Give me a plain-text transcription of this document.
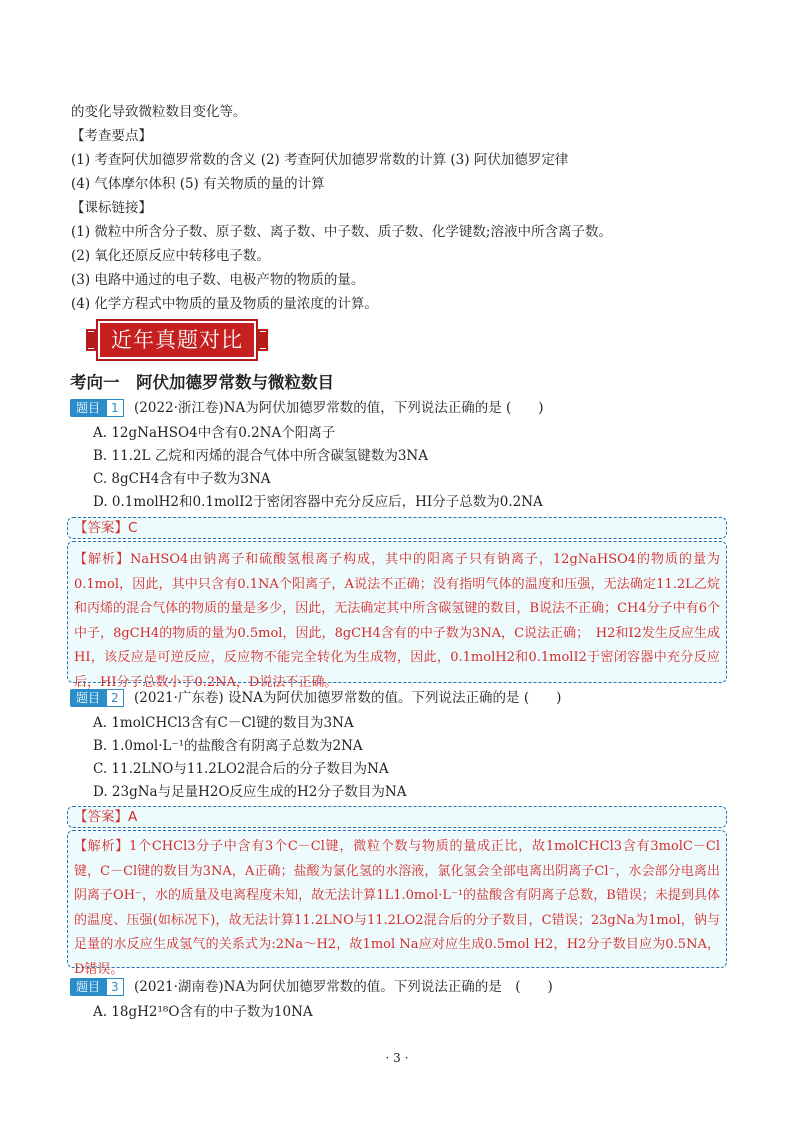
的变化导致微粒数目变化等。
【考查要点】
(1) 考查阿伏加德罗常数的含义 (2) 考查阿伏加德罗常数的计算 (3) 阿伏加德罗定律
(4) 气体摩尔体积 (5) 有关物质的量的计算
【课标链接】
(1) 微粒中所含分子数、原子数、离子数、中子数、质子数、化学键数;溶液中所含离子数。
(2) 氧化还原反应中转移电子数。
(3) 电路中通过的电子数、电极产物的物质的量。
(4) 化学方程式中物质的量及物质的量浓度的计算。
近年真题对比
考向一　阿伏加德罗常数与微粒数目
题目 1	(2022·浙江卷)NA为阿伏加德罗常数的值，下列说法正确的是 (　　)
A. 12gNaHSO4中含有0.2NA个阳离子
B. 11.2L 乙烷和丙烯的混合气体中所含碳氢键数为3NA
C. 8gCH4含有中子数为3NA
D. 0.1molH2和0.1molI2于密闭容器中充分反应后，HI分子总数为0.2NA
【答案】C
【解析】NaHSO4由钠离子和硫酸氢根离子构成，其中的阳离子只有钠离子，12gNaHSO4的物质的量为0.1mol，因此，其中只含有0.1NA个阳离子，A说法不正确；没有指明气体的温度和压强，无法确定11.2L乙烷和丙烯的混合气体的物质的量是多少，因此，无法确定其中所含碳氢键的数目，B说法不正确；CH4分子中有6个中子，8gCH4的物质的量为0.5mol，因此，8gCH4含有的中子数为3NA，C说法正确；　H2和I2发生反应生成HI，该反应是可逆反应，反应物不能完全转化为生成物，因此，0.1molH2和0.1molI2于密闭容器中充分反应后，HI分子总数小于0.2NA，D说法不正确。
题目 2	(2021·广东卷) 设NA为阿伏加德罗常数的值。下列说法正确的是 (　　)
A. 1molCHCl3含有C－Cl键的数目为3NA
B. 1.0mol·L⁻¹的盐酸含有阴离子总数为2NA
C. 11.2LNO与11.2LO2混合后的分子数目为NA
D. 23gNa与足量H2O反应生成的H2分子数目为NA
【答案】A
【解析】1个CHCl3分子中含有3个C－Cl键，微粒个数与物质的量成正比，故1molCHCl3含有3molC－Cl键，C－Cl键的数目为3NA，A正确；盐酸为氯化氢的水溶液，氯化氢会全部电离出阴离子Cl⁻，水会部分电离出阴离子OH⁻，水的质量及电离程度未知，故无法计算1L1.0mol·L⁻¹的盐酸含有阴离子总数，B错误；未提到具体的温度、压强(如标况下)，故无法计算11.2LNO与11.2LO2混合后的分子数目，C错误；23gNa为1mol，钠与足量的水反应生成氢气的关系式为:2Na～H2，故1mol Na应对应生成0.5mol H2，H2分子数目应为0.5NA，D错误。
题目 3	(2021·湖南卷)NA为阿伏加德罗常数的值。下列说法正确的是　(　　)
A. 18gH2¹⁸O含有的中子数为10NA
· 3 ·
